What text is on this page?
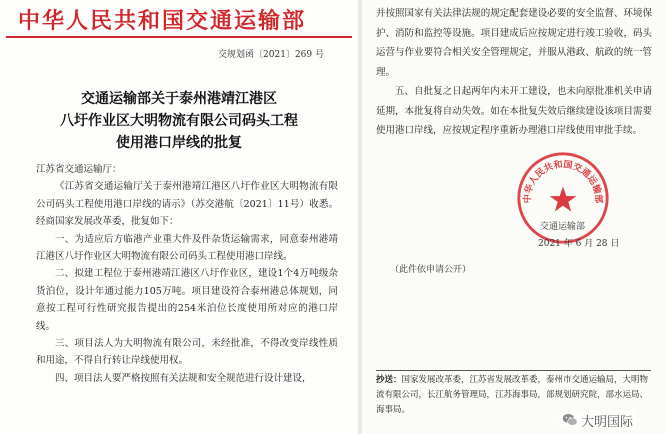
中华人民共和国交通运输部
交规划函〔2021〕269 号
交通运输部关于泰州港靖江港区
八圩作业区大明物流有限公司码头工程
使用港口岸线的批复

江苏省交通运输厅：

《江苏省交通运输厅关于泰州港靖江港区八圩作业区大明物流有限公司码头工程使用港口岸线的请示》（苏交港航〔2021〕11号）收悉。经商国家发展改革委，批复如下：

一、为适应后方临港产业重大件及件杂货运输需求，同意泰州港靖江港区八圩作业区大明物流有限公司码头工程使用港口岸线。

二、拟建工程位于泰州港靖江港区八圩作业区，建设1个4万吨级杂货泊位，设计年通过能力105万吨。项目建设符合泰州港总体规划，同意按工程可行性研究报告提出的254米泊位长度使用所对应的港口岸线。

三、项目法人为大明物流有限公司，未经批准，不得改变岸线性质和用途，不得自行转让岸线使用权。

四、项目法人要严格按照有关法规和安全规范进行设计建设，

并按照国家有关法律法规的规定配套建设必要的安全监督、环境保护、消防和监控等设施。项目建成后应按规定进行竣工验收，码头运营与作业要符合相关安全管理规定，并服从港政、航政的统一管理。

五、自批复之日起两年内未开工建设，也未向原批准机关申请延期，本批复将自动失效。如在本批复失效后继续建设该项目需要使用港口岸线，应按规定程序重新办理港口岸线使用审批手续。

中华人民共和国交通运输部
交通运输部
2021 年 6 月 28 日
（此件依申请公开）
抄送：国家发展改革委，江苏省发展改革委，泰州市交通运输局，大明物流有限公司，长江航务管理局，江苏海事局，部规划研究院，部水运局、海事局。
大明国际
